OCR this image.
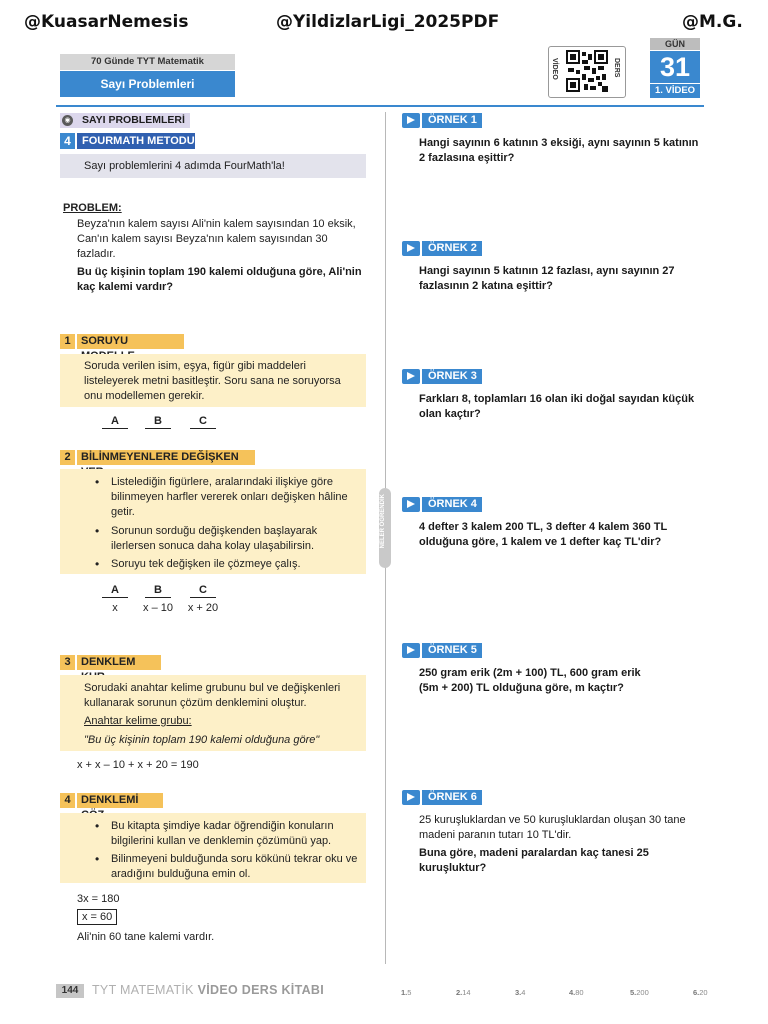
@KuasarNemesis	@YildizlarLigi_2025PDF	@M.G.
70 Günde TYT Matematik
Sayı Problemleri
VİDEO	DERS
GÜN
31
1. VİDEO
SAYI PROBLEMLERİ
◉
4	FOURMATH METODU
Sayı problemlerini 4 adımda FourMath'la!
PROBLEM:
Beyza'nın kalem sayısı Ali'nin kalem sayısından 10 eksik,
Can'ın kalem sayısı Beyza'nın kalem sayısından 30
fazladır.
Bu üç kişinin toplam 190 kalemi olduğuna göre, Ali'nin
kaç kalemi vardır?
1 SORUYU
Soruda verilen isim, eşya, figür gibi maddeleri
listeleyerek metni basitleştir. Soru sana ne soruyorsa
onu modellemen gerekir.
A	B	C
2 BİLİNMEYENLERE DEĞİŞKEN
• Listelediğin figürlere, aralarındaki ilişkiye göre
bilinmeyen harfler vererek onları değişken hâline
getir.
• Sorunun sorduğu değişkenden başlayarak
ilerlersen sonuca daha kolay ulaşabilirsin.
• Soruyu tek değişken ile çözmeye çalış.
A	B	C
x	x – 10	x + 20
3 DENKLEM
Sorudaki anahtar kelime grubunu bul ve değişkenleri
kullanarak sorunun çözüm denklemini oluştur.
Anahtar kelime grubu:
"Bu üç kişinin toplam 190 kalemi olduğuna göre"
x + x – 10 + x + 20 = 190
4 DENKLEMİ
• Bu kitapta şimdiye kadar öğrendiğin konuların
bilgilerini kullan ve denklemin çözümünü yap.
• Bilinmeyeni bulduğunda soru kökünü tekrar oku ve
aradığını bulduğuna emin ol.
3x = 180
x = 60
Ali'nin 60 tane kalemi vardır.
NELER ÖĞRENDİK
ÖRNEK 1
Hangi sayının 6 katının 3 eksiği, aynı sayının 5 katının
2 fazlasına eşittir?
ÖRNEK 2
Hangi sayının 5 katının 12 fazlası, aynı sayının 27
fazlasının 2 katına eşittir?
ÖRNEK 3
Farkları 8, toplamları 16 olan iki doğal sayıdan küçük
olan kaçtır?
ÖRNEK 4
4 defter 3 kalem 200 TL, 3 defter 4 kalem 360 TL
olduğuna göre, 1 kalem ve 1 defter kaç TL'dir?
ÖRNEK 5
250 gram erik (2m + 100) TL, 600 gram erik
(5m + 200) TL olduğuna göre, m kaçtır?
ÖRNEK 6
25 kuruşluklardan ve 50 kuruşluklardan oluşan 30 tane
madeni paranın tutarı 10 TL'dir.
Buna göre, madeni paralardan kaç tanesi 25
kuruşluktur?
144	TYT MATEMATİK VİDEO DERS KİTABI	1.5	2.14	3.4	4.80	5.200	6.20
